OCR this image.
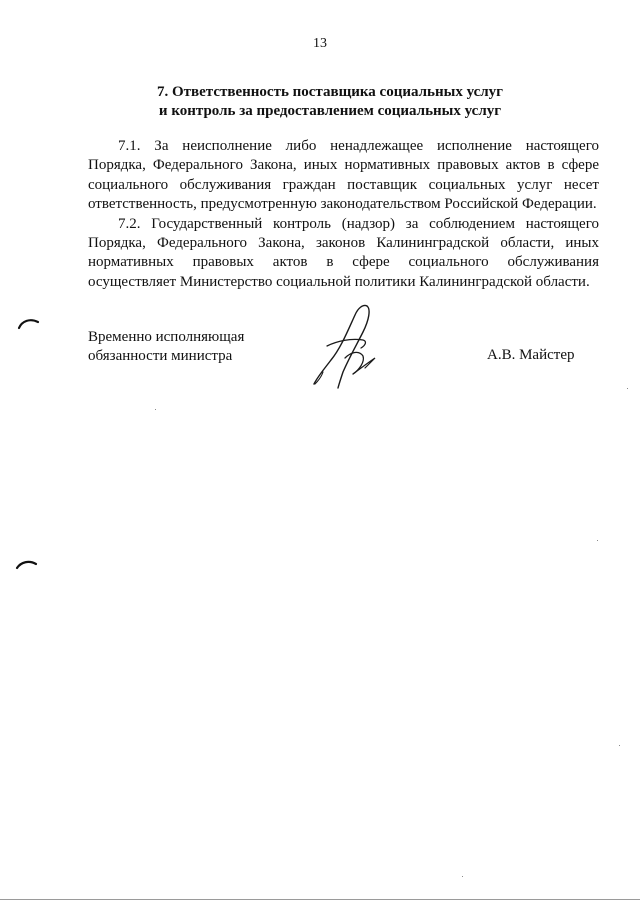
13
7. Ответственность поставщика социальных услуг
и контроль за предоставлением социальных услуг

7.1. За неисполнение либо ненадлежащее исполнение настоящего Порядка, Федерального Закона, иных нормативных правовых актов в сфере социального обслуживания граждан поставщик социальных услуг несет ответственность, предусмотренную законодательством Российской Федерации.

7.2. Государственный контроль (надзор) за соблюдением настоящего Порядка, Федерального Закона, законов Калининградской области, иных нормативных правовых актов в сфере социального обслуживания осуществляет Министерство социальной политики Калининградской области.

Временно исполняющая
обязанности министра	А.В. Майстер
